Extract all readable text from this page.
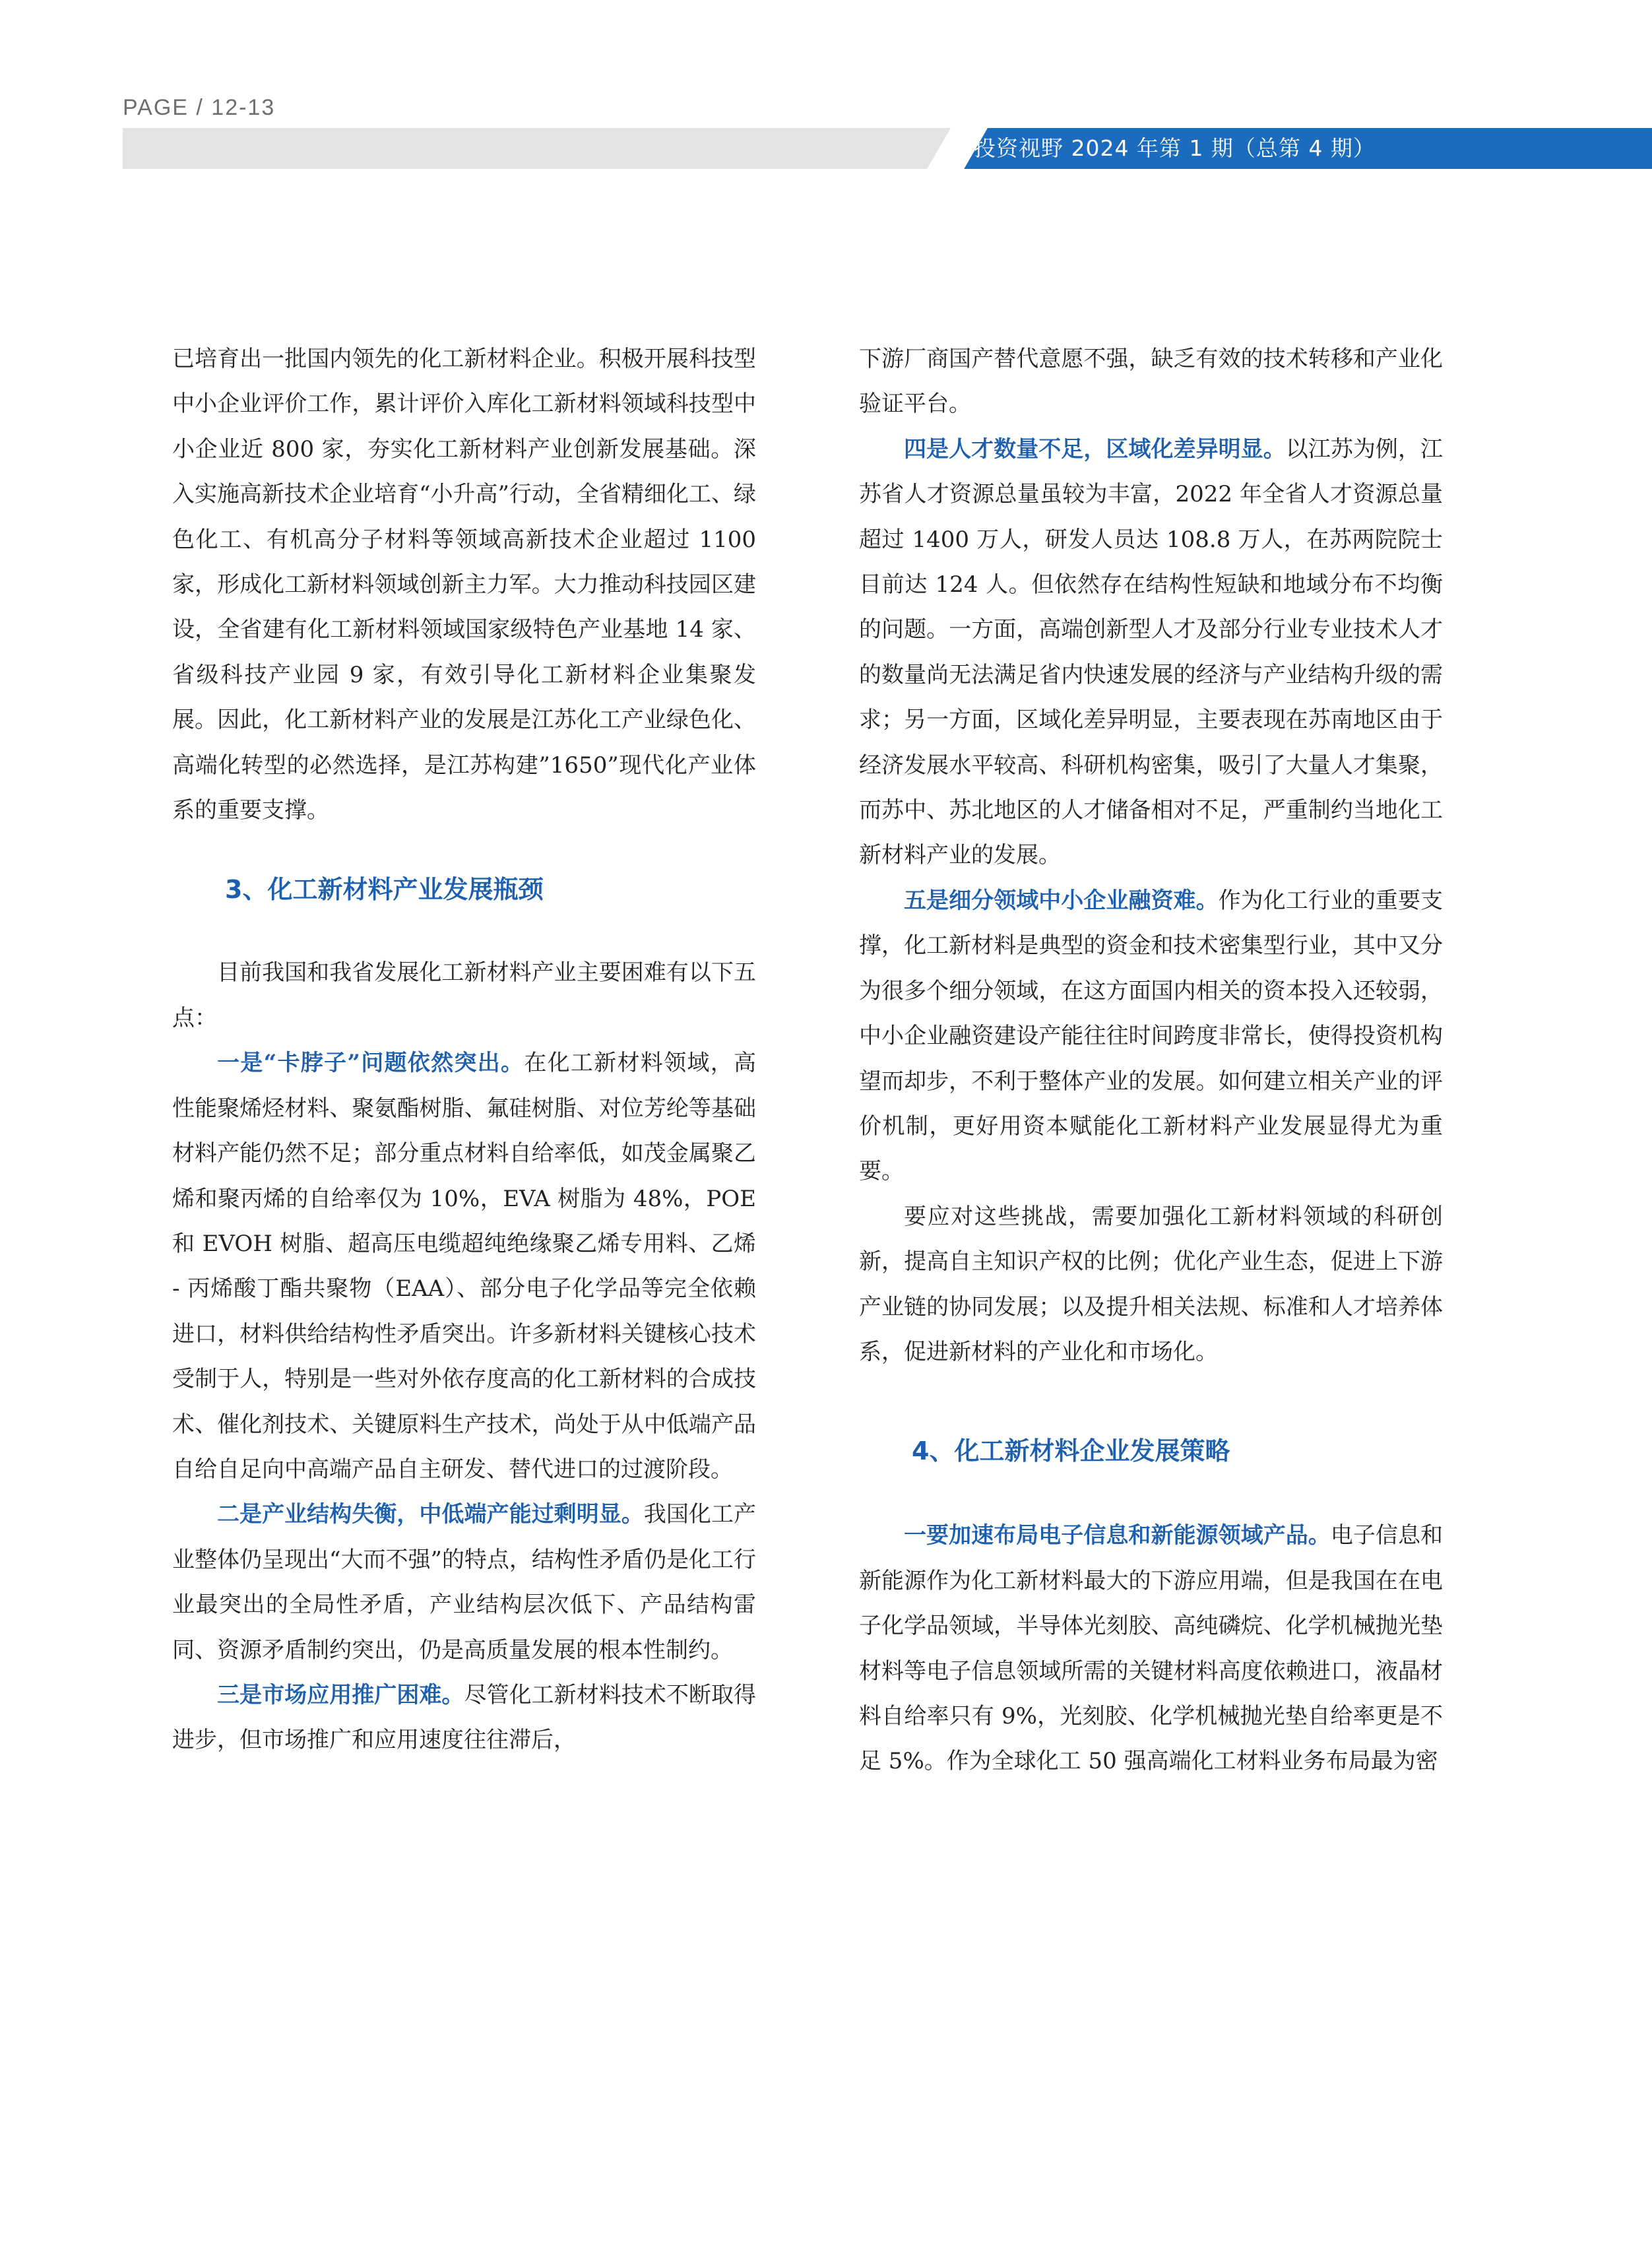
PAGE / 12-13
投资视野 2024 年第 1 期（总第 4 期）

已培育出一批国内领先的化工新材料企业。积极开展科技型中小企业评价工作，累计评价入库化工新材料领域科技型中小企业近 800 家，夯实化工新材料产业创新发展基础。深入实施高新技术企业培育“小升高”行动，全省精细化工、绿色化工、有机高分子材料等领域高新技术企业超过 1100 家，形成化工新材料领域创新主力军。大力推动科技园区建设，全省建有化工新材料领域国家级特色产业基地 14 家、省级科技产业园 9 家，有效引导化工新材料企业集聚发展。因此，化工新材料产业的发展是江苏化工产业绿色化、高端化转型的必然选择，是江苏构建”1650”现代化产业体系的重要支撑。

3、化工新材料产业发展瓶颈

目前我国和我省发展化工新材料产业主要困难有以下五点：

一是“卡脖子”问题依然突出。在化工新材料领域，高性能聚烯烃材料、聚氨酯树脂、氟硅树脂、对位芳纶等基础材料产能仍然不足；部分重点材料自给率低，如茂金属聚乙烯和聚丙烯的自给率仅为 10%，EVA 树脂为 48%，POE 和 EVOH 树脂、超高压电缆超纯绝缘聚乙烯专用料、乙烯 - 丙烯酸丁酯共聚物（EAA）、部分电子化学品等完全依赖进口，材料供给结构性矛盾突出。许多新材料关键核心技术受制于人，特别是一些对外依存度高的化工新材料的合成技术、催化剂技术、关键原料生产技术，尚处于从中低端产品自给自足向中高端产品自主研发、替代进口的过渡阶段。

二是产业结构失衡，中低端产能过剩明显。我国化工产业整体仍呈现出“大而不强”的特点，结构性矛盾仍是化工行业最突出的全局性矛盾，产业结构层次低下、产品结构雷同、资源矛盾制约突出，仍是高质量发展的根本性制约。

三是市场应用推广困难。尽管化工新材料技术不断取得进步，但市场推广和应用速度往往滞后，

下游厂商国产替代意愿不强，缺乏有效的技术转移和产业化验证平台。

四是人才数量不足，区域化差异明显。以江苏为例，江苏省人才资源总量虽较为丰富，2022 年全省人才资源总量超过 1400 万人，研发人员达 108.8 万人，在苏两院院士目前达 124 人。但依然存在结构性短缺和地域分布不均衡的问题。一方面，高端创新型人才及部分行业专业技术人才的数量尚无法满足省内快速发展的经济与产业结构升级的需求；另一方面，区域化差异明显，主要表现在苏南地区由于经济发展水平较高、科研机构密集，吸引了大量人才集聚，而苏中、苏北地区的人才储备相对不足，严重制约当地化工新材料产业的发展。

五是细分领域中小企业融资难。作为化工行业的重要支撑，化工新材料是典型的资金和技术密集型行业，其中又分为很多个细分领域，在这方面国内相关的资本投入还较弱，中小企业融资建设产能往往时间跨度非常长，使得投资机构望而却步，不利于整体产业的发展。如何建立相关产业的评价机制，更好用资本赋能化工新材料产业发展显得尤为重要。

要应对这些挑战，需要加强化工新材料领域的科研创新，提高自主知识产权的比例；优化产业生态，促进上下游产业链的协同发展；以及提升相关法规、标准和人才培养体系，促进新材料的产业化和市场化。

4、化工新材料企业发展策略

一要加速布局电子信息和新能源领域产品。电子信息和新能源作为化工新材料最大的下游应用端，但是我国在在电子化学品领域，半导体光刻胶、高纯磷烷、化学机械抛光垫材料等电子信息领域所需的关键材料高度依赖进口，液晶材料自给率只有 9%，光刻胶、化学机械抛光垫自给率更是不足 5%。作为全球化工 50 强高端化工材料业务布局最为密
